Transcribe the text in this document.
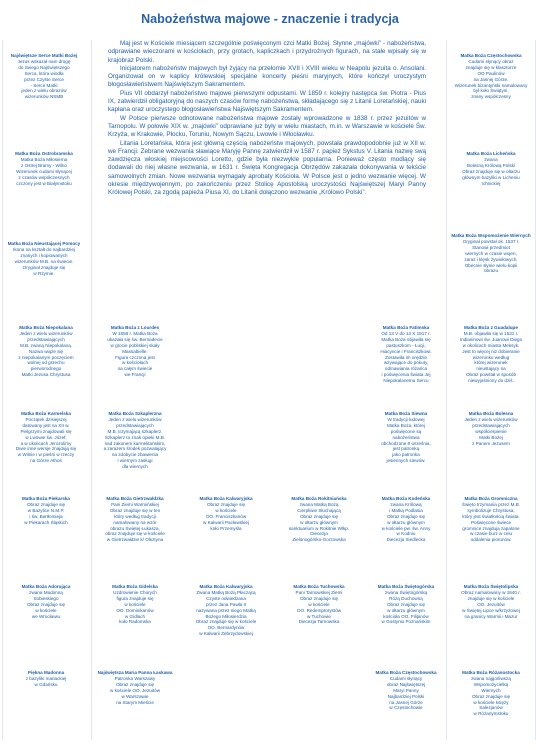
Nabożeństwa majowe - znaczenie i tradycja

Maj jest w Kościele miesiącem szczególnie poświęconym czci Matki Bożej. Słynne „majówki” - nabożeństwa, odprawiane wieczorami w kościołach, przy grotach, kapliczkach i przydrożnych figurach, na stałe wpisały się w krajobraz Polski.

Inicjatorem nabożeństw majowych był żyjący na przełomie XVII i XVIII wieku w Neapolu jezuita o. Ansolani. Organizował on w kaplicy królewskiej specjalne koncerty pieśni maryjnych, które kończył uroczystym błogosławieństwem Najświętszym Sakramentem.

Pius VII obdarzył nabożeństwo majowe pierwszymi odpustami. W 1859 r. kolejny następca św. Piotra - Pius IX, zatwierdził obligatoryjną do naszych czasów formę nabożeństwa, składającego się z Litanii Loretańskiej, nauki kapłana oraz uroczystego błogosławieństwa Najświętszym Sakramentem.

W Polsce pierwsze odnotowane nabożeństwa majowe zostały wprowadzone w 1838 r. przez jezuitów w Tarnopolu. W połowie XIX w. „majówki” odprawiane już były w wielu miastach, m.in. w Warszawie w kościele Św. Krzyża, w Krakowie, Płocku, Toruniu, Nowym Sączu, Lwowie i Włocławku.

Litania Loretańska, która jest główną częścią nabożeństw majowych, powstała prawdopodobnie już w XII w. we Francji. Zebrane wezwania sławiące Maryję Pannę zatwierdził w 1587 r. papież Sykstus V. Litania nazwę swą zawdzięcza włoskiej miejscowości Loretto, gdzie była niezwykle popularna. Ponieważ często modlący się dodawali do niej własne wezwania, w 1631 r. Święta Kongregacja Obrzędów zakazała dokonywania w tekście samowolnych zmian. Nowe wezwania wymagały aprobaty Kościoła. W Polsce jest o jedno wezwanie więcej. W okresie międzywojennym, po zakończeniu przez Stolicę Apostolską uroczystości Najświętszej Maryi Panny Królowej Polski, za zgodą papieża Piusa XI, do Litanii dołączono wezwanie „Królowo Polski”.

Najświętsze Serce Matki Bożej
Jezus wskazał nam drogę
do Swego Najświętszego
Serca, która wiodła
przez Czyste Serce
- Serce Matki
jeden z wielu obrazów
wizerunków NSMB
Matka Boża Częstochowska
Cudami słynący obraz
znajduje się w klasztorze
OO Paulinów
na Jasnej Górze.
Wizerunek bizantyński namalowany
był koło Świątyni,
znany współczesny
Matka Boża Ostrobramska
Matka Boża Miłosierna
z Ostrej Bramy - Wilno
Wizerunek cudami słynącej
z czasów współczesnych
czczony jest w Białymstoku
Matka Boża Licheńska
zwana
Bolesną Królową Polski
Obraz znajduje się w ołtarzu
głównym bazyliki w Licheniu
Ichnickiej
Matka Boża Nieustającej Pomocy
Ikona na kształt do najbardziej
znanych i kopiowanych
wizerunków M.B. na świecie.
Oryginał znajduje się
w Rzymie.
Matka Boża Wspomożenie Wiernych
Oryginał powstał ok. 1537 r.
Stanowi przedmiot
wiernych w czasie wojen,
zaraz i klęsk żywiołowych.
Obecnie słynie wielu kopii
obrazu
Matka Boża Niepokalana
Jeden z wielu wizerunków
przedstawiających
M.B. zwaną Niepokalaną.
Nazwa wiąże się
z niepokalanym poczęciem
wolnej od grzechu
pierworodnego
Matki Jezusa Chrystusa
Matka Boża z Lourdes
W 1858 r. Matka Boża
ukazała się św. Bernadecie
w grocie pobliskiej skały
Massabielle.
Figura czczona jest
w kościołach
na całym świecie
we Francji
Matka Boża Fatimska
Od 13 V do 13 X 1917 r.
Matka Boża objawiła się
pastuszkom - Łucji,
Hiacyncie i Franciszkowi.
Zostawiła im orędzie
wzywające do pokuty,
odmawiania różańca
i poświęcenia świata Jej
Niepokalanemu Sercu
Matka Boża z Guadalupe
M.B. objawiła się w 1531 r.
Indianinowi św. Juanowi Diego
w okolicach miasta Meksyk.
Jest to więcej niż dobieranie
wizerunku według
której wizerunek
nieustający na
Obraz powstał w sposób
niewyjaśniony do dziś.
Matka Boża Karmelska
Początek dzisiejszej
datowany jest na XII w.
Pielgrzymi znajdowali się
w Lwowie św. Józef,
a w okolicach Jerozolimy
Dwie inne wersje znajdują się
w Wilnie i w pieśni w rzeczy
na Górze Athos
Matka Boża Szkaplerzna
Jeden z wielu wizerunków
przedstawiających
M.B. trzymającą szkaplerz.
Szkaplerz to znak opieki M.B.
nad zakonem karmelitańskim,
a zarazem środek pozwalający
na zdobycie zbawienia
i wiernym zasługi
dla wiernych
Matka Boża Siewna
W tradycji ludowej
Matka Boża, której
poświęcone są
nabożeństwa
obchodzone 8 września,
jest patronką
jako patronka
jesiennych siewów.
Matka Boża Bolesna
Jeden z wielu wizerunków
przedstawiających
współcierpienie
Matki Bożej
z Panem Jezusem
Matka Boża Piekarska
Obraz znajduje się
w Bazylice N.M.P.
i św. Bartłomieja
w Piekarach Śląskich
Matka Boża Gietrzwałdzka
Pani Ziemi Warmińskiej
Obraz znajduje się w ten
który według tradycji
namalowany na wzór
obrazu Świętej Łukasza,
obraz znajduje się w kościele
w Gietrzwałdzie k/ Olsztyna
Matka Boża Kalwaryjska
Obraz znajduje się
w kościele
OO. Franciszkanów
w Kalwarii Pacławskiej
koło Przemyśla
Matka Boża Rokitniańska
zwana Matką Bożą
Cierpliwie Słuchającą
Obraz znajduje się
w ołtarzu głównym
sanktuarium w Rokitnie Wlkp.
Diecezja
Zielonogórsko-Gorzowska
Matka Boża Kodeńska
zwana Królową
i Matką Podlasia
Obraz znajduje się
w ołtarzu głównym
w kościele pw. św. Anny
w Kodniu
Diecezja Siedlecka
Matka Boża Gromniczna
Święto trzymania przez M.B.
symbolizuje Chrystusa,
który jest światłością świata.
Poświęcone świece
gromnice znajdują zapalone
w czasie burz w celu
oddalenia piorunów.
Matka Boża Adorująca
zwana Madonną
Sobieskiego
Obraz znajduje się
w kościele
we Wrocławiu
Matka Boża Gidelska
Uzdrowienie Chorych
figura znajduje się
w kościele
OO. Dominikanów
w Gidlach
koło Radomska
Matka Boża Kalwaryjska
Zwana Matką Bożą Płaczącą
Czyste odwiedzana
przez Jana Pawła II
nazywana przez niego Matką
Bożego Miłosierdzia
Obraz znajduje się w kościele
OO. Bernardynów
w Kalwarii Zebrzydowskiej
Matka Boża Tuchowska
Pani Tarnowskiej Ziemi
Obraz znajduje się
w kościele
OO. Redemptorystów
w Tuchowie
Diecezja Tarnowska
Matka Boża Świętogórska
zwana Świętogórską
Różą Duchowną
Obraz znajduje się
w ołtarzu głównym
kościoła OO. Filipinów
w Gostyniu Poznańskim
Matka Boża Świętolipska
Obraz namalowany w 1640 r.
znajduje się w kościele
OO. Jezuitów
w Świętej Lipce w/krzyżowej
na granicy Warmii i Mazur
Piękna Madonna
z bazyliki mariackiej
w Gdańsku
Najświętsza Maria Panna Łaskawa
Patronka Warszawy
Obraz znajduje się
w kościele OO. Jezuitów
w Warszawie
na Starym Mieście
Matka Boża Częstochowska
Cudami słynący
obraz Najświętszej
Maryi Panny
Najbardziej Polski
na Jasnej Górze
w Częstochowie
Matka Boża Różanostocka
zwana najgorliwszą
Wspomożycielką
Wiernych
Obraz znajduje się
w kościele księży
Salezjanów
w Różanymstoku
